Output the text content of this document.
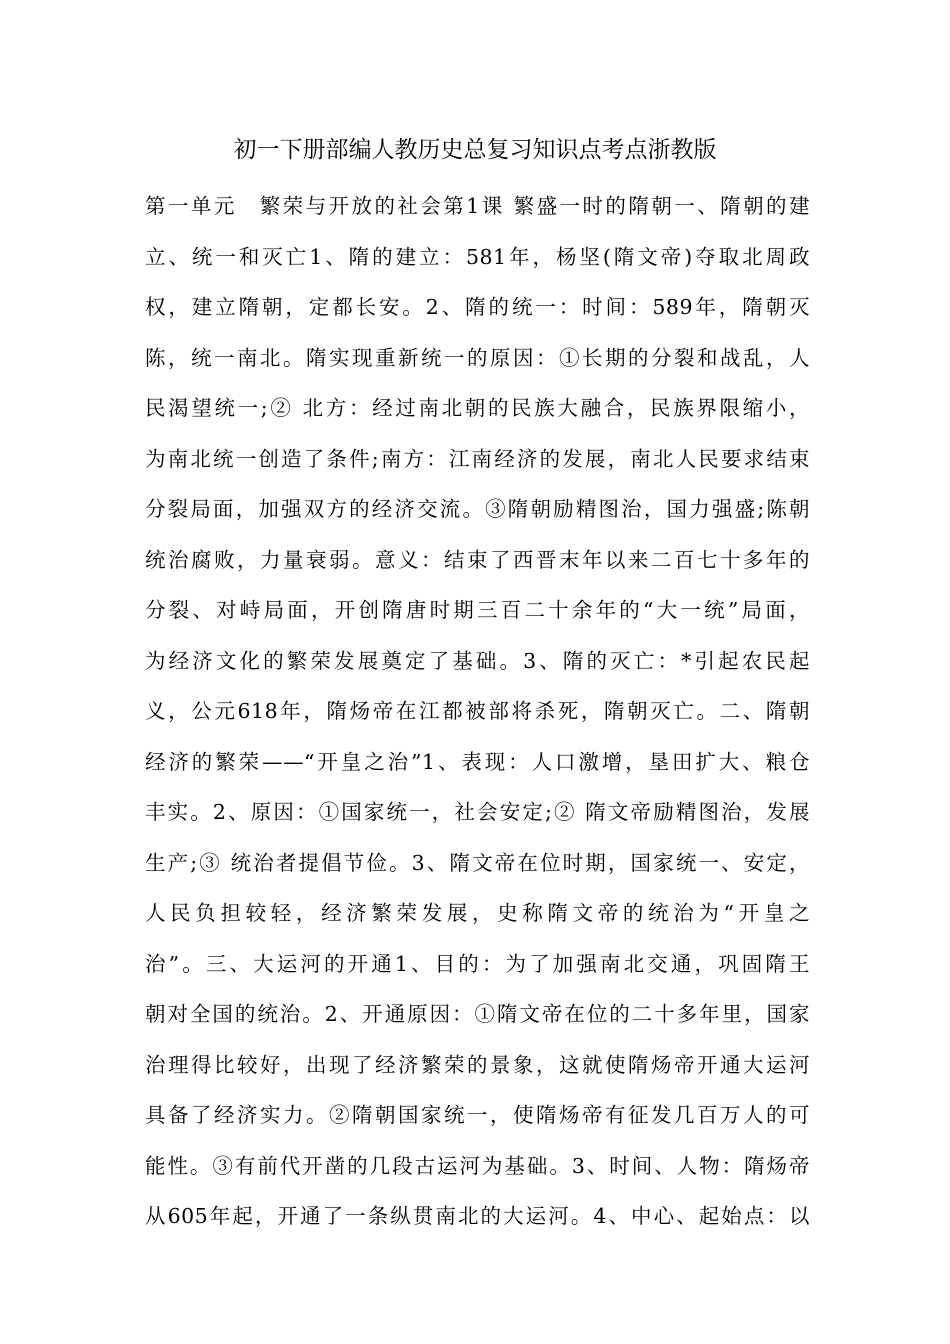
初一下册部编人教历史总复习知识点考点浙教版
第一单元　繁荣与开放的社会第1课 繁盛一时的隋朝一、隋朝的建
立、统一和灭亡1、隋的建立：581年，杨坚(隋文帝)夺取北周政
权，建立隋朝，定都长安。2、隋的统一：时间：589年，隋朝灭
陈，统一南北。隋实现重新统一的原因：①长期的分裂和战乱，人
民渴望统一;② 北方：经过南北朝的民族大融合，民族界限缩小，
为南北统一创造了条件;南方：江南经济的发展，南北人民要求结束
分裂局面，加强双方的经济交流。③隋朝励精图治，国力强盛;陈朝
统治腐败，力量衰弱。意义：结束了西晋末年以来二百七十多年的
分裂、对峙局面，开创隋唐时期三百二十余年的“大一统”局面，
为经济文化的繁荣发展奠定了基础。3、隋的灭亡：*引起农民起
义，公元618年，隋炀帝在江都被部将杀死，隋朝灭亡。二、隋朝
经济的繁荣——“开皇之治”1、表现：人口激增，垦田扩大、粮仓
丰实。2、原因：①国家统一，社会安定;② 隋文帝励精图治，发展
生产;③ 统治者提倡节俭。3、隋文帝在位时期，国家统一、安定，
人民负担较轻，经济繁荣发展，史称隋文帝的统治为“开皇之
治”。三、大运河的开通1、目的：为了加强南北交通，巩固隋王
朝对全国的统治。2、开通原因：①隋文帝在位的二十多年里，国家
治理得比较好，出现了经济繁荣的景象，这就使隋炀帝开通大运河
具备了经济实力。②隋朝国家统一，使隋炀帝有征发几百万人的可
能性。③有前代开凿的几段古运河为基础。3、时间、人物：隋炀帝
从605年起，开通了一条纵贯南北的大运河。4、中心、起始点：以
